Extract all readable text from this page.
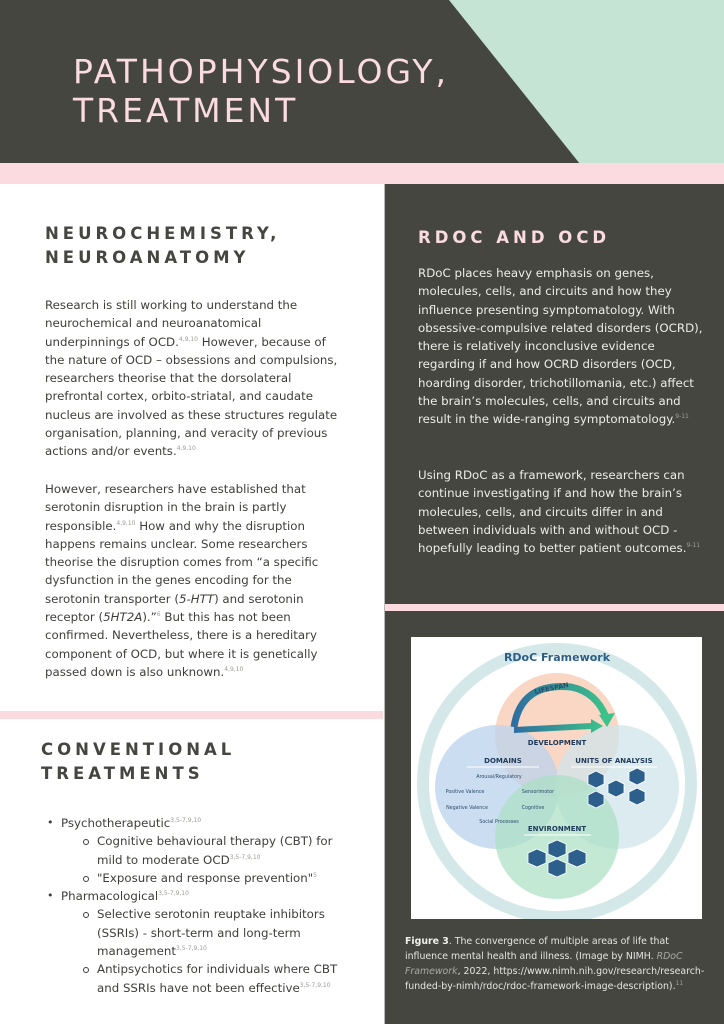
PATHOPHYSIOLOGY,
TREATMENT
NEUROCHEMISTRY,
NEUROANATOMY

Research is still working to understand the neurochemical and neuroanatomical underpinnings of OCD.$^{4,9,10}$ However, because of the nature of OCD – obsessions and compulsions, researchers theorise that the dorsolateral prefrontal cortex, orbito-striatal, and caudate nucleus are involved as these structures regulate organisation, planning, and veracity of previous actions and/or events.$^{4,9,10}$

However, researchers have established that serotonin disruption in the brain is partly responsible.$^{4,9,10}$ How and why the disruption happens remains unclear. Some researchers theorise the disruption comes from “a specific dysfunction in the genes encoding for the serotonin transporter (5-HTT) and serotonin receptor (5HT2A).”$^6$ But this has not been confirmed. Nevertheless, there is a hereditary component of OCD, but where it is genetically passed down is also unknown.$^{4,9,10}$

CONVENTIONAL
TREATMENTS
• Psychotherapeutic$^{3,5-7,9,10}$
Cognitive behavioural therapy (CBT) for mild to moderate OCD$^{3,5-7,9,10}$
"Exposure and response prevention"$^5$
• Pharmacological$^{3,5-7,9,10}$
Selective serotonin reuptake inhibitors (SSRIs) - short-term and long-term management$^{3,5-7,9,10}$
Antipsychotics for individuals where CBT and SSRIs have not been effective$^{3,5-7,9,10}$
RDOC AND OCD

RDoC places heavy emphasis on genes, molecules, cells, and circuits and how they influence presenting symptomatology. With obsessive-compulsive related disorders (OCRD), there is relatively inconclusive evidence regarding if and how OCRD disorders (OCD, hoarding disorder, trichotillomania, etc.) affect the brain’s molecules, cells, and circuits and result in the wide-ranging symptomatology.$^{9-11}$

Using RDoC as a framework, researchers can continue investigating if and how the brain’s molecules, cells, and circuits differ in and between individuals with and without OCD - hopefully leading to better patient outcomes.$^{9-11}$

RDoC Framework
LIFESPAN
DEVELOPMENT
DOMAINS
Arousal/Regulatory
Positive Valence	Sensorimotor
Negative Valence	Cognitive
Social Processes
UNITS OF ANALYSIS
ENVIRONMENT

Figure 3. The convergence of multiple areas of life that influence mental health and illness. (Image by NIMH. RDoC Framework, 2022, https://www.nimh.nih.gov/research/research-funded-by-nimh/rdoc/rdoc-framework-image-description).$^{11}$
